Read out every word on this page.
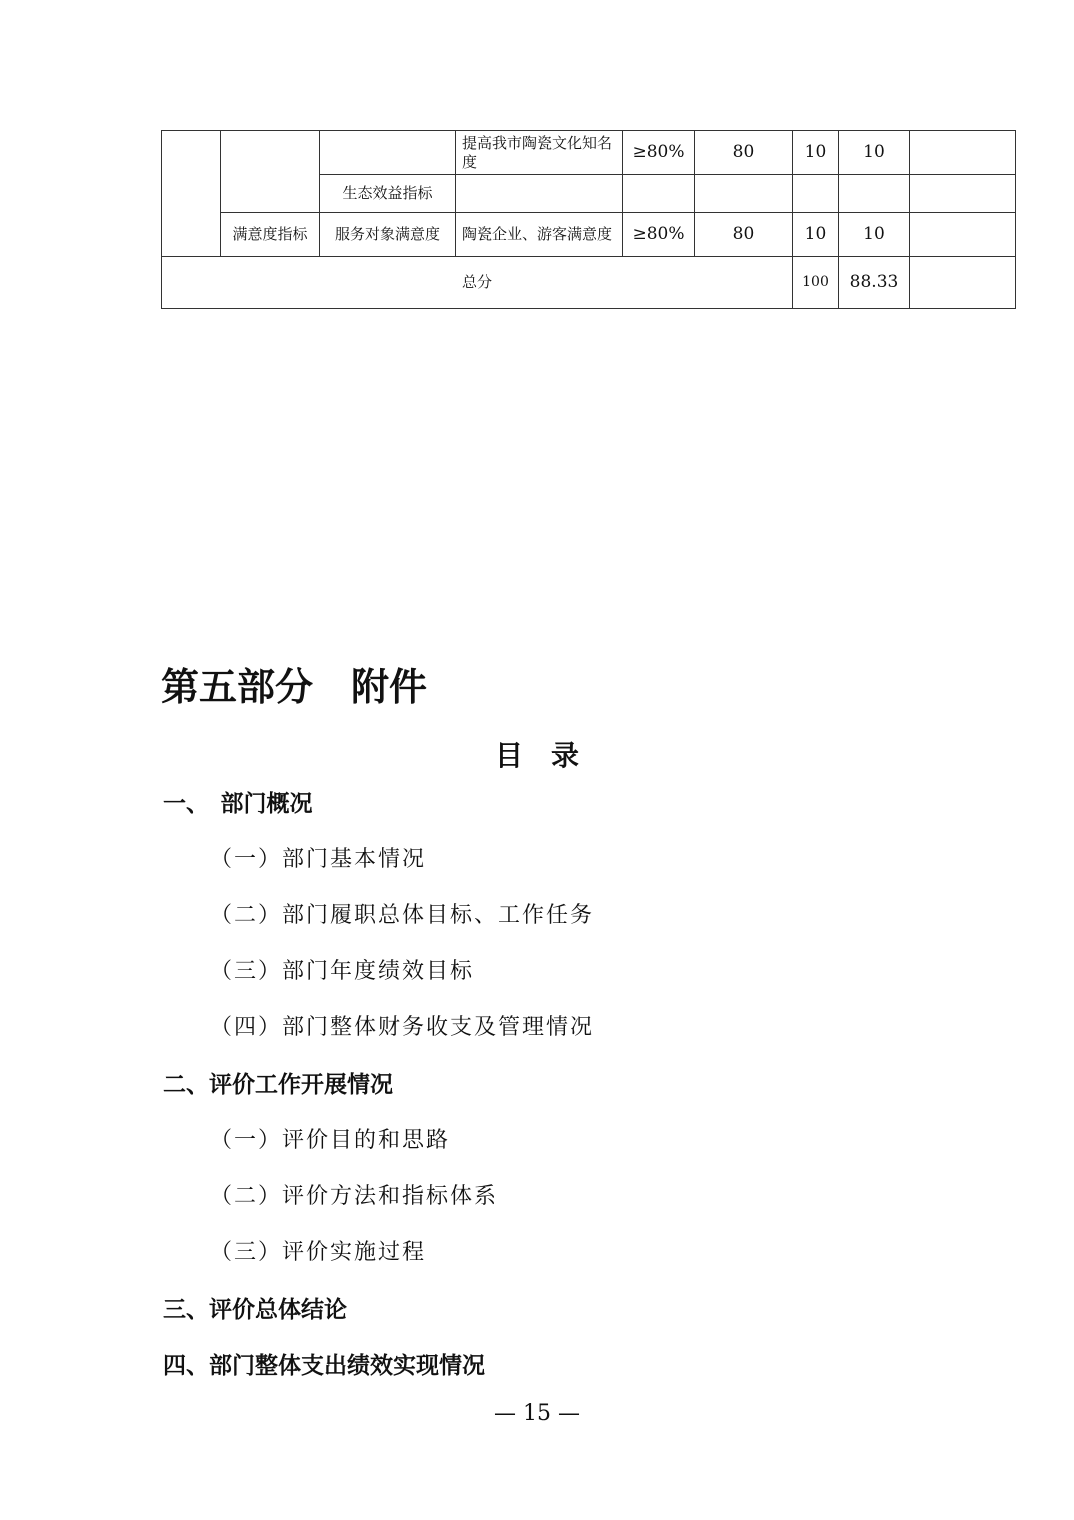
			提高我市陶瓷文化知名度	≥80%	80	10	10	
		生态效益指标						
	满意度指标	服务对象满意度	陶瓷企业、游客满意度	≥80%	80	10	10	
总分						100	88.33	
第五部分　附件
目录
一、　部门概况
（一）部门基本情况
（二）部门履职总体目标、工作任务
（三）部门年度绩效目标
（四）部门整体财务收支及管理情况
二、评价工作开展情况
（一）评价目的和思路
（二）评价方法和指标体系
（三）评价实施过程
三、评价总体结论
四、部门整体支出绩效实现情况
— 15 —
